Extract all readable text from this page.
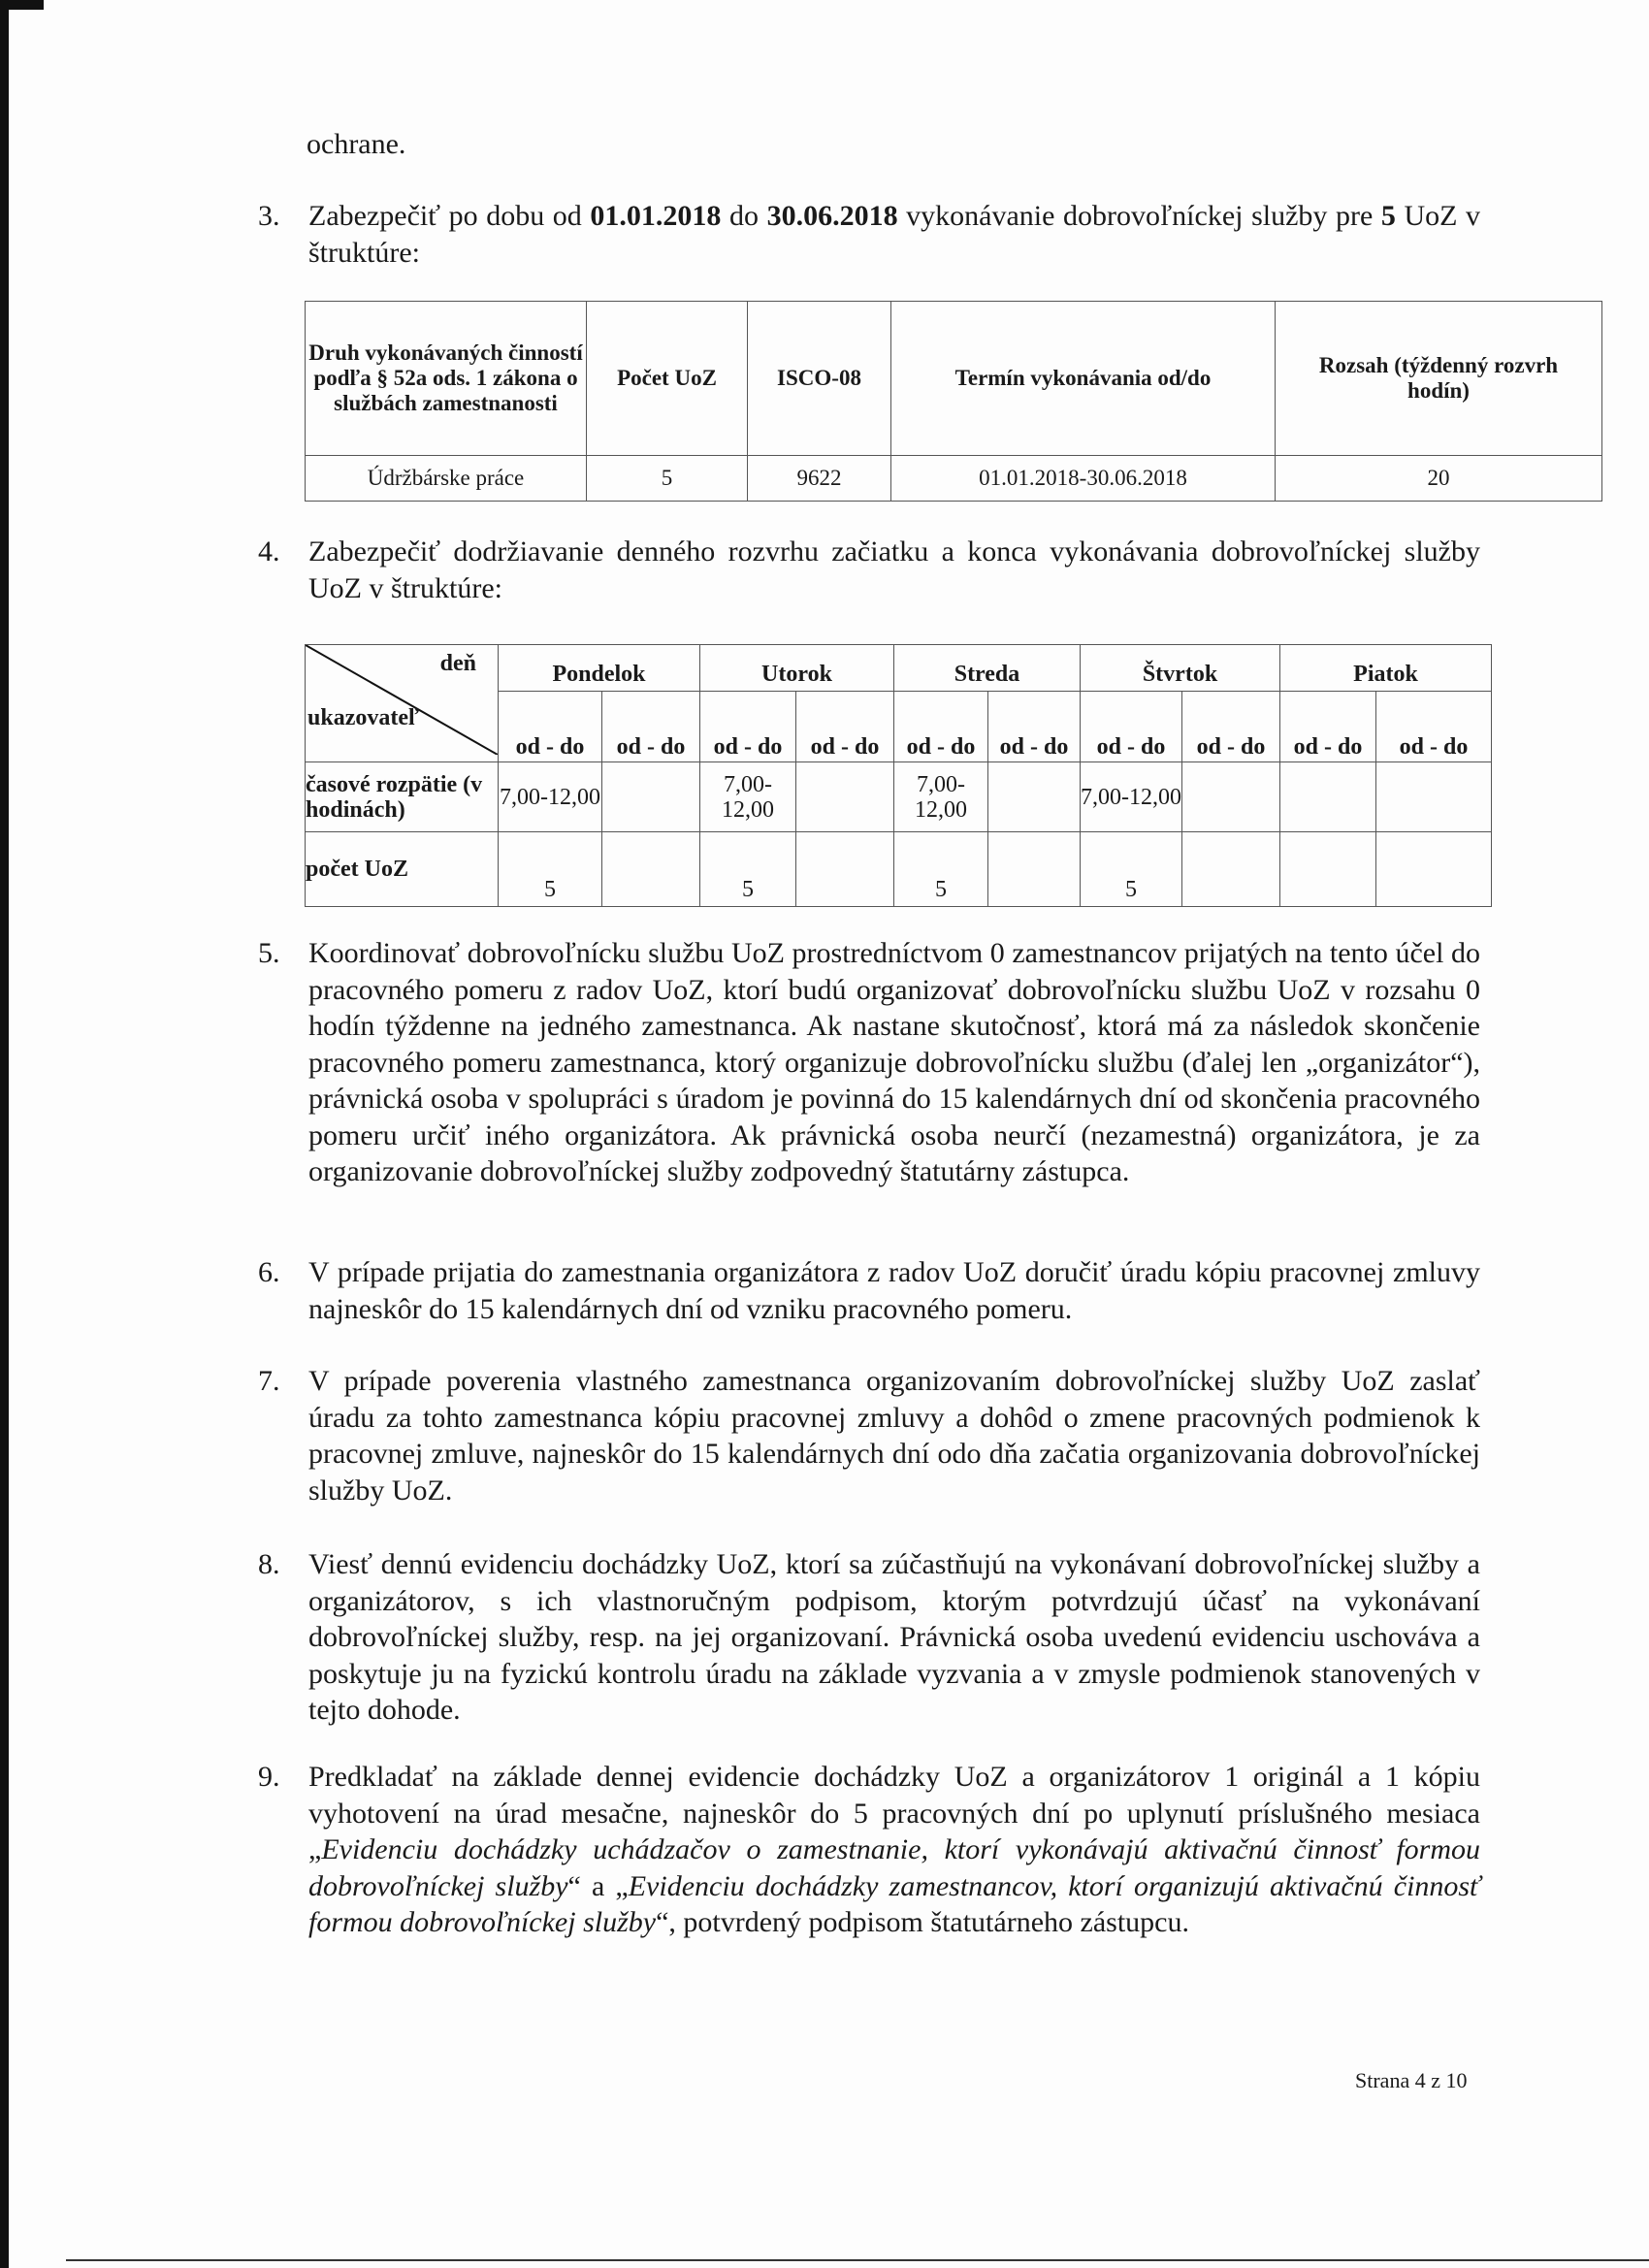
ochrane.
3. Zabezpečiť po dobu od 01.01.2018 do 30.06.2018 vykonávanie dobrovoľníckej služby pre 5 UoZ v štruktúre:
Druh vykonávaných činností podľa § 52a ods. 1 zákona o službách zamestnanosti	Počet UoZ	ISCO-08	Termín vykonávania od/do	Rozsah (týždenný rozvrh hodín)
Údržbárske práce	5	9622	01.01.2018-30.06.2018	20
4. Zabezpečiť dodržiavanie denného rozvrhu začiatku a konca vykonávania dobrovoľníckej služby UoZ v štruktúre:
deň
ukazovateľ	Pondelok		Utorok		Streda		Štvrtok		Piatok	
	od - do	od - do	od - do	od - do	od - do	od - do	od - do	od - do	od - do	od - do
časové rozpätie (v hodinách)	7,00-12,00		7,00-12,00		7,00-12,00		7,00-12,00			
počet UoZ	5		5		5		5			
5. Koordinovať dobrovoľnícku službu UoZ prostredníctvom 0 zamestnancov prijatých na tento účel do pracovného pomeru z radov UoZ, ktorí budú organizovať dobrovoľnícku službu UoZ v rozsahu 0 hodín týždenne na jedného zamestnanca. Ak nastane skutočnosť, ktorá má za následok skončenie pracovného pomeru zamestnanca, ktorý organizuje dobrovoľnícku službu (ďalej len „organizátor“), právnická osoba v spolupráci s úradom je povinná do 15 kalendárnych dní od skončenia pracovného pomeru určiť iného organizátora. Ak právnická osoba neurčí (nezamestná) organizátora, je za organizovanie dobrovoľníckej služby zodpovedný štatutárny zástupca.
6. V prípade prijatia do zamestnania organizátora z radov UoZ doručiť úradu kópiu pracovnej zmluvy najneskôr do 15 kalendárnych dní od vzniku pracovného pomeru.
7. V prípade poverenia vlastného zamestnanca organizovaním dobrovoľníckej služby UoZ zaslať úradu za tohto zamestnanca kópiu pracovnej zmluvy a dohôd o zmene pracovných podmienok k pracovnej zmluve, najneskôr do 15 kalendárnych dní odo dňa začatia organizovania dobrovoľníckej služby UoZ.
8. Viesť dennú evidenciu dochádzky UoZ, ktorí sa zúčastňujú na vykonávaní dobrovoľníckej služby a organizátorov, s ich vlastnoručným podpisom, ktorým potvrdzujú účasť na vykonávaní dobrovoľníckej služby, resp. na jej organizovaní. Právnická osoba uvedenú evidenciu uschováva a poskytuje ju na fyzickú kontrolu úradu na základe vyzvania a v zmysle podmienok stanovených v tejto dohode.
9. Predkladať na základe dennej evidencie dochádzky UoZ a organizátorov 1 originál a 1 kópiu vyhotovení na úrad mesačne, najneskôr do 5 pracovných dní po uplynutí príslušného mesiaca „Evidenciu dochádzky uchádzačov o zamestnanie, ktorí vykonávajú aktivačnú činnosť formou dobrovoľníckej služby“ a „Evidenciu dochádzky zamestnancov, ktorí organizujú aktivačnú činnosť formou dobrovoľníckej služby“, potvrdený podpisom štatutárneho zástupcu.
Strana 4 z 10
